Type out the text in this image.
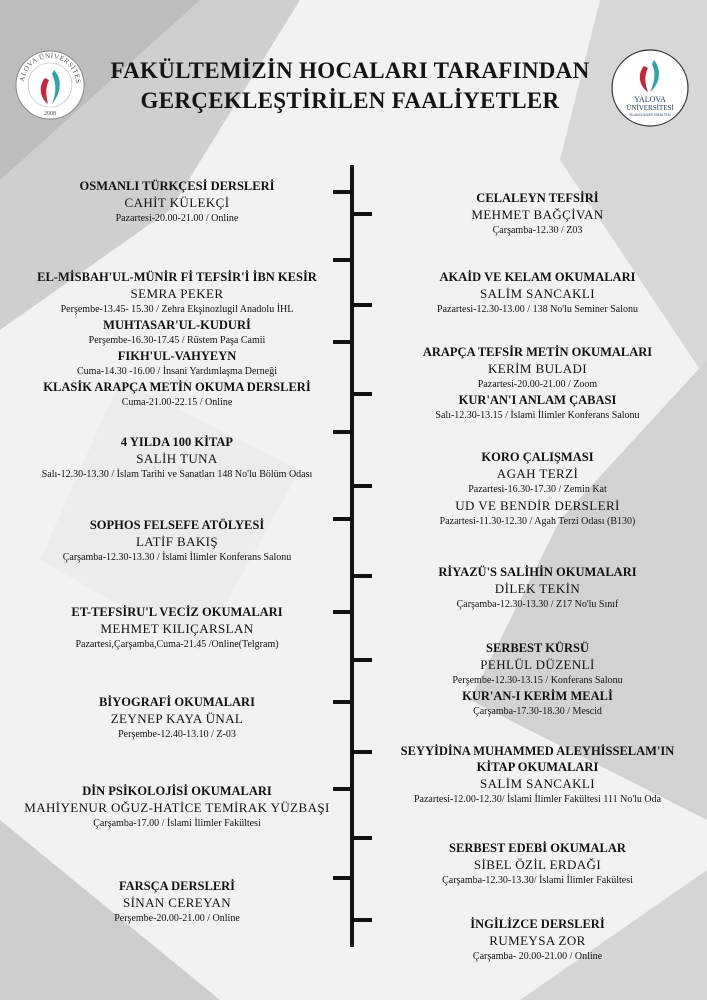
ALOVA ÜNİVERSİTES
2008
YALOVA
ÜNİVERSİTESİ
İSLAMİ İLİMLER FAKÜLTESİ
FAKÜLTEMİZİN HOCALARI TARAFINDAN
GERÇEKLEŞTİRİLEN FAALİYETLER
OSMANLI TÜRKÇESİ DERSLERİ
CAHİT KÜLEKÇİ
Pazartesi-20.00-21.00 / Online
EL-MİSBAH'UL-MÜNİR Fİ TEFSİR'İ İBN KESİR
SEMRA PEKER
Perşembe-13.45- 15.30 / Zehra Ekşinozlugil Anadolu İHL
MUHTASAR'UL-KUDURİ
Perşembe-16.30-17.45 / Rüstem Paşa Camii
FIKH'UL-VAHYEYN
Cuma-14.30 -16.00 / İnsani Yardımlaşma Derneği
KLASİK ARAPÇA METİN OKUMA DERSLERİ
Cuma-21.00-22.15 / Online
4 YILDA 100 KİTAP
SALİH TUNA
Salı-12.30-13.30 / İslam Tarihi ve Sanatları 148 No'lu Bölüm Odası
SOPHOS FELSEFE ATÖLYESİ
LATİF BAKIŞ
Çarşamba-12.30-13.30 / İslami İlimler Konferans Salonu
ET-TEFSİRU'L VECİZ OKUMALARI
MEHMET KILIÇARSLAN
Pazartesi,Çarşamba,Cuma-21.45 /Online(Telgram)
BİYOGRAFİ OKUMALARI
ZEYNEP KAYA ÜNAL
Perşembe-12.40-13.10 / Z-03
DİN PSİKOLOJİSİ OKUMALARI
MAHİYENUR OĞUZ-HATİCE TEMİRAK YÜZBAŞI
Çarşamba-17.00 / İslami İlimler Fakültesi
FARSÇA DERSLERİ
SİNAN CEREYAN
Perşembe-20.00-21.00 / Online
CELALEYN TEFSİRİ
MEHMET BAĞÇİVAN
Çarşamba-12.30 / Z03
AKAİD VE KELAM OKUMALARI
SALİM SANCAKLI
Pazartesi-12.30-13.00 / 138 No'lu Seminer Salonu
ARAPÇA TEFSİR METİN OKUMALARI
KERİM BULADI
Pazartesi-20.00-21.00 / Zoom
KUR'AN'I ANLAM ÇABASI
Salı-12.30-13.15 / İslami İlimler Konferans Salonu
KORO ÇALIŞMASI
AGAH TERZİ
Pazartesi-16.30-17.30 / Zemin Kat
UD VE BENDİR DERSLERİ
Pazartesi-11.30-12.30 / Agah Terzi Odası (B130)
RİYAZÜ'S SALİHİN OKUMALARI
DİLEK TEKİN
Çarşamba-12.30-13.30 / Z17 No'lu Sınıf
SERBEST KÜRSÜ
PEHLÜL DÜZENLİ
Perşembe-12.30-13.15 / Konferans Salonu
KUR'AN-I KERİM MEALİ
Çarşamba-17.30-18.30 / Mescid
SEYYİDİNA MUHAMMED ALEYHİSSELAM'IN
KİTAP OKUMALARI
SALİM SANCAKLI
Pazartesi-12.00-12.30/ İslami İlimler Fakültesi 111 No'lu Oda
SERBEST EDEBİ OKUMALAR
SİBEL ÖZİL ERDAĞI
Çarşamba-12.30-13.30/ İslami İlimler Fakültesi
İNGİLİZCE DERSLERİ
RUMEYSA ZOR
Çarşamba- 20.00-21.00 / Online
